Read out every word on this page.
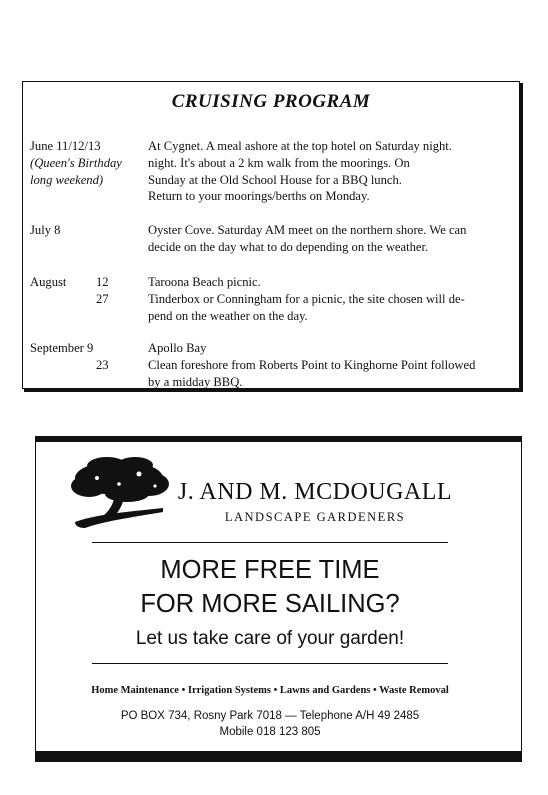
CRUISING PROGRAM
June 11/12/13
(Queen's Birthday
long weekend)

At Cygnet. A meal ashore at the top hotel on Saturday night.

night. It's about a 2 km walk from the moorings. On

Sunday at the Old School House for a BBQ lunch.

Return to your moorings/berths on Monday.

July 8	Oyster Cove. Saturday AM meet on the northern shore. We can

decide on the day what to do depending on the weather.

August	12
27

Taroona Beach picnic.

Tinderbox or Conningham for a picnic, the site chosen will de-

pend on the weather on the day.

September 9
23

Apollo Bay

Clean foreshore from Roberts Point to Kinghorne Point followed

by a midday BBQ.

J. AND M. MCDOUGALL
LANDSCAPE GARDENERS
MORE FREE TIME
FOR MORE SAILING?
Let us take care of your garden!
Home Maintenance • Irrigation Systems • Lawns and Gardens • Waste Removal
PO BOX 734, Rosny Park 7018 — Telephone A/H 49 2485
Mobile 018 123 805
